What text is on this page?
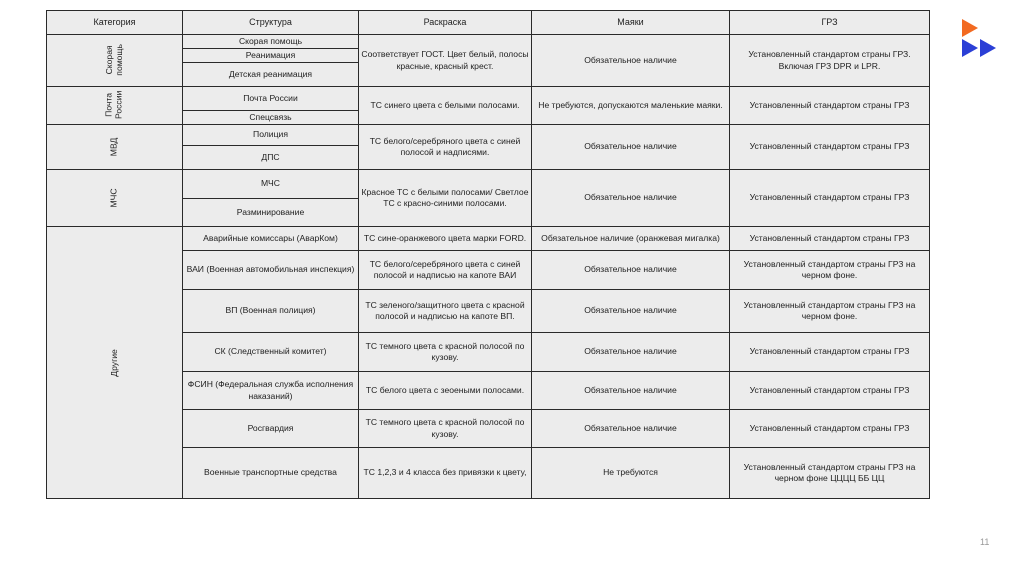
Категория	Структура	Раскраска	Маяки	ГРЗ

Скорая помощь	Скорая помощь	Соответствует ГОСТ. Цвет белый, полосы красные, красный крест.	Обязательное наличие	Установленный стандартом страны ГРЗ. Включая ГРЗ DPR и LPR.
	Реанимация			
	Детская реанимация			

Почта России	Почта России	ТС синего цвета с белыми полосами.	Не требуются, допускаются маленькие маяки.	Установленный стандартом страны ГРЗ
	Спецсвязь			
МВД	Полиция	ТС белого/серебряного цвета с синей полосой и надписями.	Обязательное наличие	Установленный стандартом страны ГРЗ
	ДПС			
МЧС	МЧС	Красное ТС с белыми полосами/ Светлое ТС с красно-синими полосами.	Обязательное наличие	Установленный стандартом страны ГРЗ
	Разминирование			
Другие	Аварийные комиссары (АварКом)	ТС сине-оранжевого цвета марки FORD.	Обязательное наличие (оранжевая мигалка)	Установленный стандартом страны ГРЗ
	ВАИ (Военная автомобильная инспекция)	ТС белого/серебряного цвета с синей полосой и надписью на капоте ВАИ	Обязательное наличие	Установленный стандартом страны ГРЗ на черном фоне.
	ВП (Военная полиция)	ТС зеленого/защитного цвета с красной полосой и надписью на капоте ВП.	Обязательное наличие	Установленный стандартом страны ГРЗ на черном фоне.
	СК (Следственный комитет)	ТС темного цвета с красной полосой по кузову.	Обязательное наличие	Установленный стандартом страны ГРЗ
	ФСИН (Федеральная служба исполнения наказаний)	ТС белого цвета с зеоеными полосами.	Обязательное наличие	Установленный стандартом страны ГРЗ
	Росгвардия	ТС темного цвета с красной полосой по кузову.	Обязательное наличие	Установленный стандартом страны ГРЗ
	Военные транспортные средства	ТС 1,2,3 и 4 класса без привязки к цвету,	Не требуются	Установленный стандартом страны ГРЗ на черном фоне ЦЦЦЦ ББ ЦЦ
11
